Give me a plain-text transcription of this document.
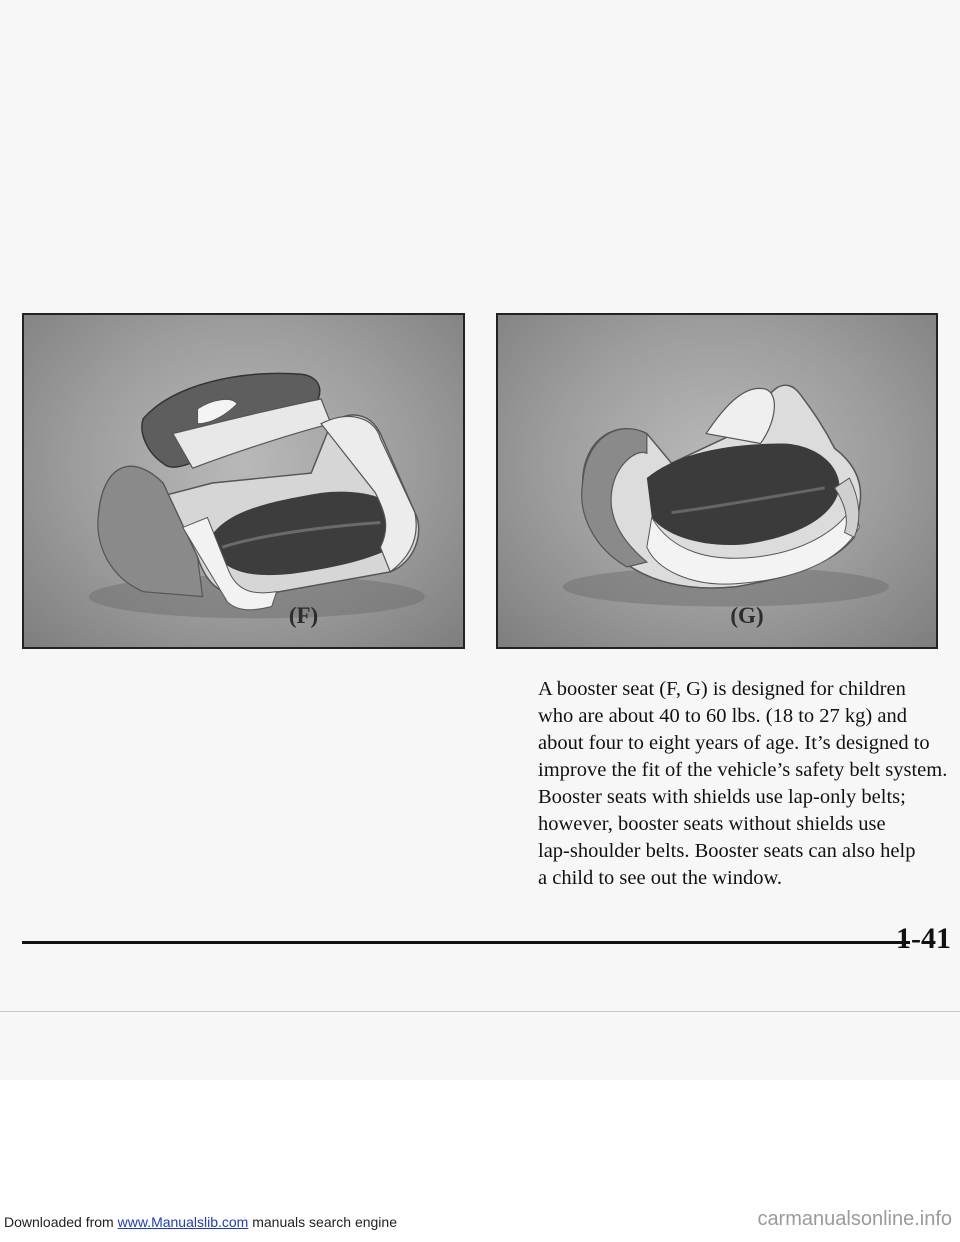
(F)	(G)

A booster seat (F, G) is designed for children
who are about 40 to 60 lbs. (18 to 27 kg) and
about four to eight years of age. It’s designed to
improve the fit of the vehicle’s safety belt system.
Booster seats with shields use lap-only belts;
however, booster seats without shields use
lap-shoulder belts. Booster seats can also help
a child to see out the window.

1-41

Downloaded from www.Manualslib.com manuals search engine	carmanualsonline.info
